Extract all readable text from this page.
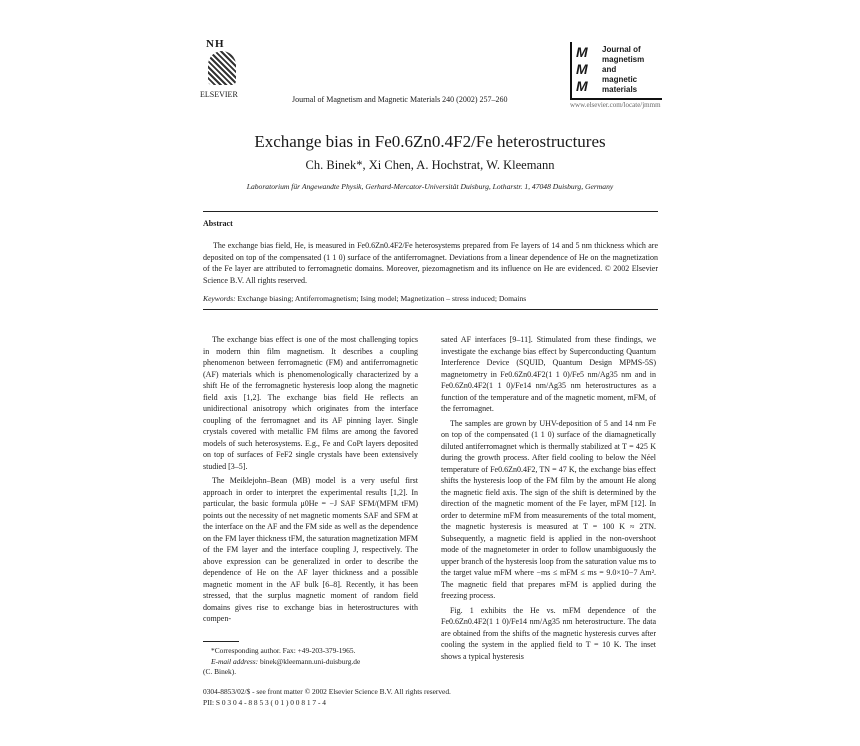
NH
ELSEVIER
Journal of Magnetism and Magnetic Materials 240 (2002) 257–260
M
M
M
Journal of
magnetism
and
magnetic
materials
www.elsevier.com/locate/jmmm
Exchange bias in Fe0.6Zn0.4F2/Fe heterostructures
Ch. Binek*, Xi Chen, A. Hochstrat, W. Kleemann
Laboratorium für Angewandte Physik, Gerhard-Mercator-Universität Duisburg, Lotharstr. 1, 47048 Duisburg, Germany
Abstract
The exchange bias field, He, is measured in Fe0.6Zn0.4F2/Fe heterosystems prepared from Fe layers of 14 and 5 nm thickness which are deposited on top of the compensated (1 1 0) surface of the antiferromagnet. Deviations from a linear dependence of He on the magnetization of the Fe layer are attributed to ferromagnetic domains. Moreover, piezomagnetism and its influence on He are evidenced. © 2002 Elsevier Science B.V. All rights reserved.
Keywords: Exchange biasing; Antiferromagnetism; Ising model; Magnetization – stress induced; Domains

The exchange bias effect is one of the most challenging topics in modern thin film magnetism. It describes a coupling phenomenon between ferromagnetic (FM) and antiferromagnetic (AF) materials which is phenomenologically characterized by a shift He of the ferromagnetic hysteresis loop along the magnetic field axis [1,2]. The exchange bias field He reflects an unidirectional anisotropy which originates from the interface coupling of the ferromagnet and its AF pinning layer. Single crystals covered with metallic FM films are among the favored models of such heterosystems. E.g., Fe and CoPt layers deposited on top of surfaces of FeF2 single crystals have been extensively studied [3–5].

The Meiklejohn–Bean (MB) model is a very useful first approach in order to interpret the experimental results [1,2]. In particular, the basic formula μ0He = −J SAF SFM/(MFM tFM) points out the necessity of net magnetic moments SAF and SFM at the interface on the AF and the FM side as well as the dependence on the FM layer thickness tFM, the saturation magnetization MFM of the FM layer and the interface coupling J, respectively. The above expression can be generalized in order to describe the dependence of He on the AF layer thickness and a possible magnetic moment in the AF bulk [6–8]. Recently, it has been stressed, that the surplus magnetic moment of random field domains gives rise to exchange bias in heterostructures with compen-

sated AF interfaces [9–11]. Stimulated from these findings, we investigate the exchange bias effect by Superconducting Quantum Interference Device (SQUID, Quantum Design MPMS-5S) magnetometry in Fe0.6Zn0.4F2(1 1 0)/Fe5 nm/Ag35 nm and in Fe0.6Zn0.4F2(1 1 0)/Fe14 nm/Ag35 nm heterostructures as a function of the temperature and of the magnetic moment, mFM, of the ferromagnet.

The samples are grown by UHV-deposition of 5 and 14 nm Fe on top of the compensated (1 1 0) surface of the diamagnetically diluted antiferromagnet which is thermally stabilized at T = 425 K during the growth process. After field cooling to below the Néel temperature of Fe0.6Zn0.4F2, TN = 47 K, the exchange bias effect shifts the hysteresis loop of the FM film by the amount He along the magnetic field axis. The sign of the shift is determined by the direction of the magnetic moment of the Fe layer, mFM [12]. In order to determine mFM from measurements of the total moment, the magnetic hysteresis is measured at T = 100 K ≈ 2TN. Subsequently, a magnetic field is applied in the non-overshoot mode of the magnetometer in order to follow unambiguously the upper branch of the hysteresis loop from the saturation value ms to the target value mFM where −ms ≤ mFM ≤ ms = 9.0×10−7 Am². The magnetic field that prepares mFM is applied during the freezing process.

Fig. 1 exhibits the He vs. mFM dependence of the Fe0.6Zn0.4F2(1 1 0)/Fe14 nm/Ag35 nm heterostructure. The data are obtained from the shifts of the magnetic hysteresis curves after cooling the system in the applied field to T = 10 K. The inset shows a typical hysteresis

*Corresponding author. Fax: +49-203-379-1965.
E-mail address: binek@kleemann.uni-duisburg.de
(C. Binek).
0304-8853/02/$ - see front matter © 2002 Elsevier Science B.V. All rights reserved.
PII: S 0 3 0 4 - 8 8 5 3 ( 0 1 ) 0 0 8 1 7 - 4
